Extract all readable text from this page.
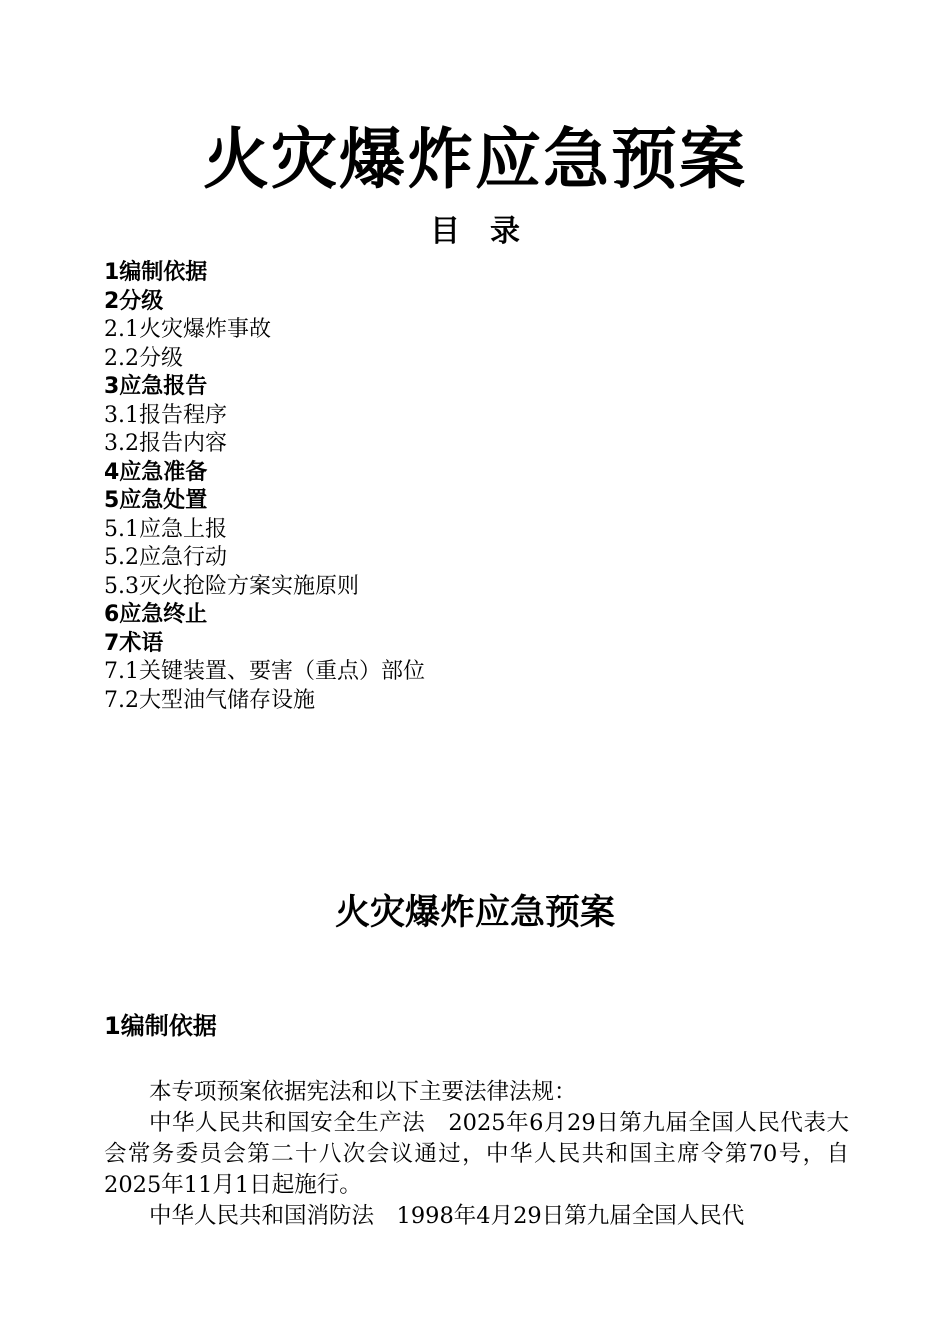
火灾爆炸应急预案
目　录
1编制依据
2分级
2.1火灾爆炸事故
2.2分级
3应急报告
3.1报告程序
3.2报告内容
4应急准备
5应急处置
5.1应急上报
5.2应急行动
5.3灭火抢险方案实施原则
6应急终止
7术语
7.1关键装置、要害（重点）部位
7.2大型油气储存设施
火灾爆炸应急预案
1编制依据

本专项预案依据宪法和以下主要法律法规：

中华人民共和国安全生产法　2025年6月29日第九届全国人民代表大会常务委员会第二十八次会议通过，中华人民共和国主席令第70号，自2025年11月1日起施行。

中华人民共和国消防法　1998年4月29日第九届全国人民代
